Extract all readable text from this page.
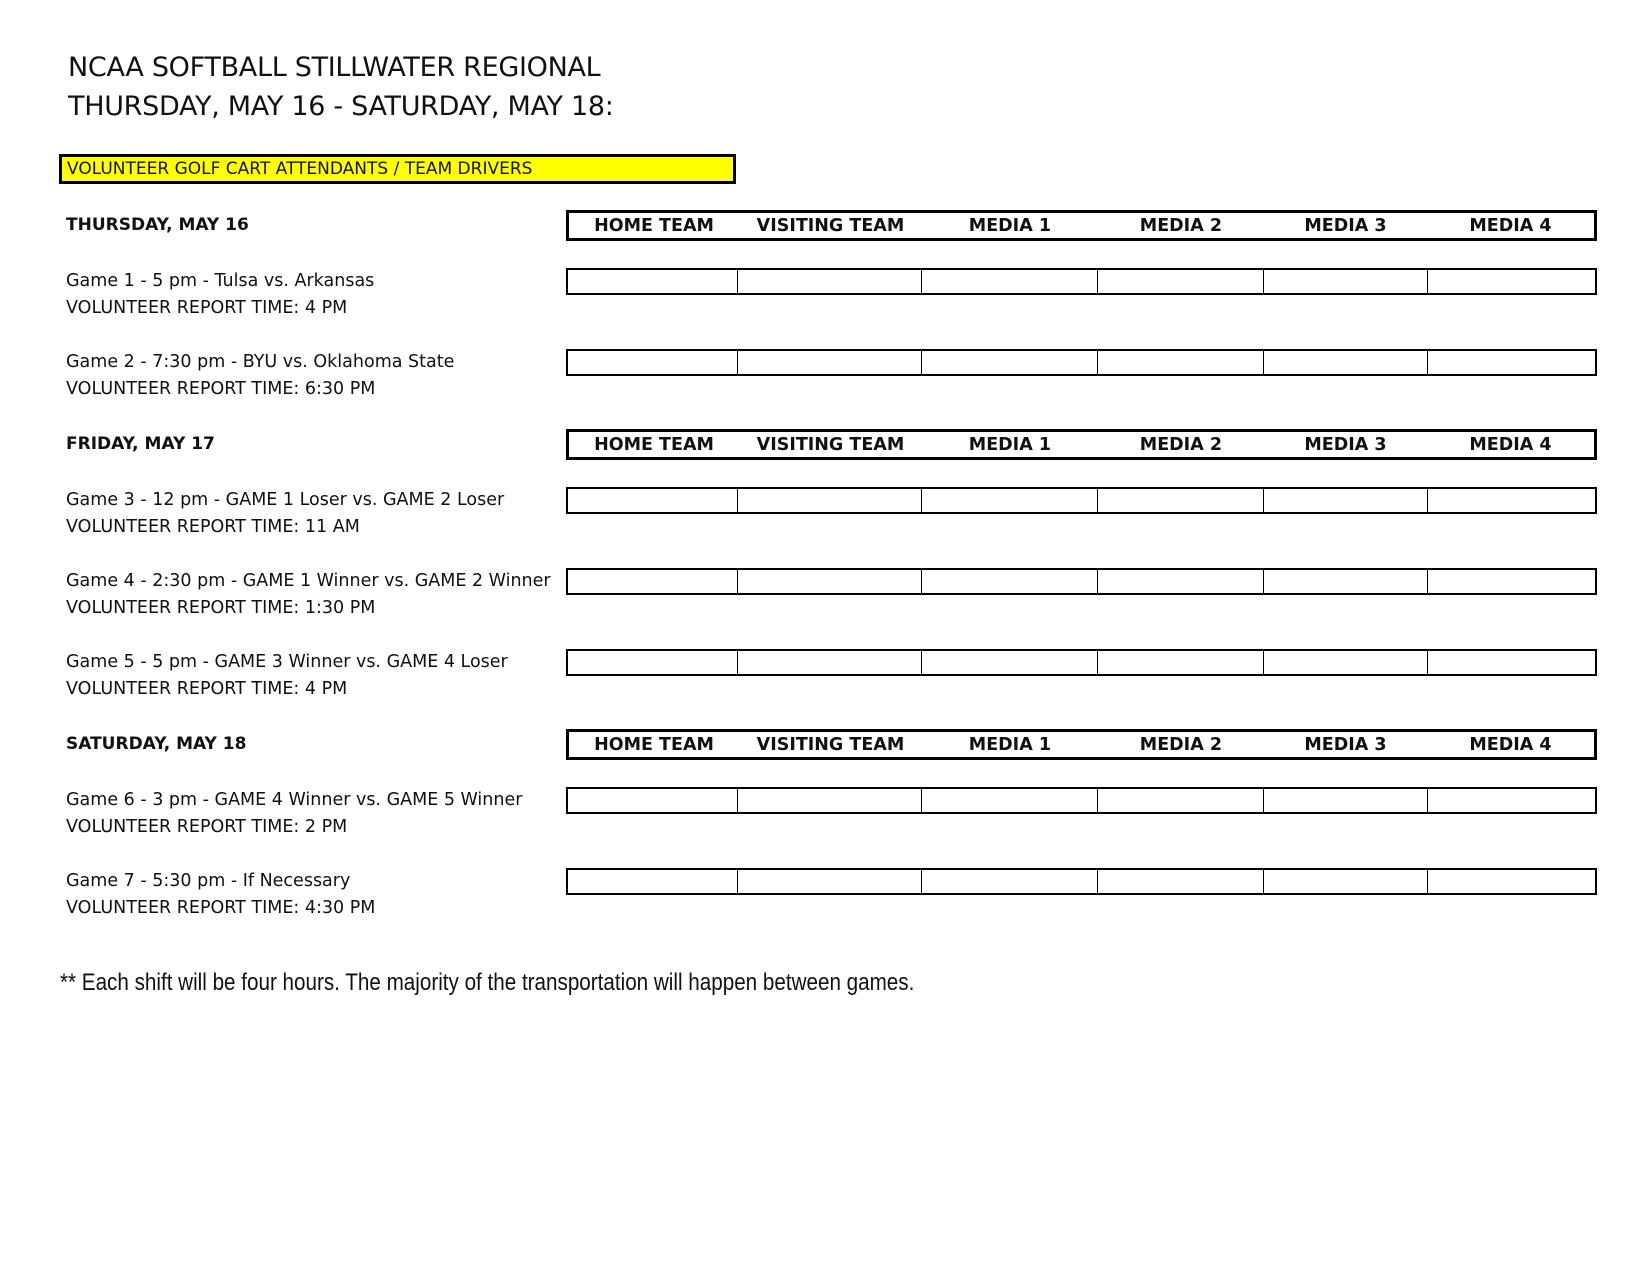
NCAA SOFTBALL STILLWATER REGIONAL
THURSDAY, MAY 16 - SATURDAY, MAY 18:
VOLUNTEER GOLF CART ATTENDANTS / TEAM DRIVERS
THURSDAY, MAY 16	HOME TEAM	VISITING TEAM	MEDIA 1	MEDIA 2	MEDIA 3	MEDIA 4
Game 1 - 5 pm - Tulsa vs. Arkansas
VOLUNTEER REPORT TIME: 4 PM
Game 2 - 7:30 pm - BYU vs. Oklahoma State
VOLUNTEER REPORT TIME: 6:30 PM
FRIDAY, MAY 17	HOME TEAM	VISITING TEAM	MEDIA 1	MEDIA 2	MEDIA 3	MEDIA 4
Game 3 - 12 pm - GAME 1 Loser vs. GAME 2 Loser
VOLUNTEER REPORT TIME: 11 AM
Game 4 - 2:30 pm - GAME 1 Winner vs. GAME 2 Winner
VOLUNTEER REPORT TIME: 1:30 PM
Game 5 - 5 pm - GAME 3 Winner vs. GAME 4 Loser
VOLUNTEER REPORT TIME: 4 PM
SATURDAY, MAY 18	HOME TEAM	VISITING TEAM	MEDIA 1	MEDIA 2	MEDIA 3	MEDIA 4
Game 6 - 3 pm - GAME 4 Winner vs. GAME 5 Winner
VOLUNTEER REPORT TIME: 2 PM
Game 7 - 5:30 pm - If Necessary
VOLUNTEER REPORT TIME: 4:30 PM
** Each shift will be four hours. The majority of the transportation will happen between games.
